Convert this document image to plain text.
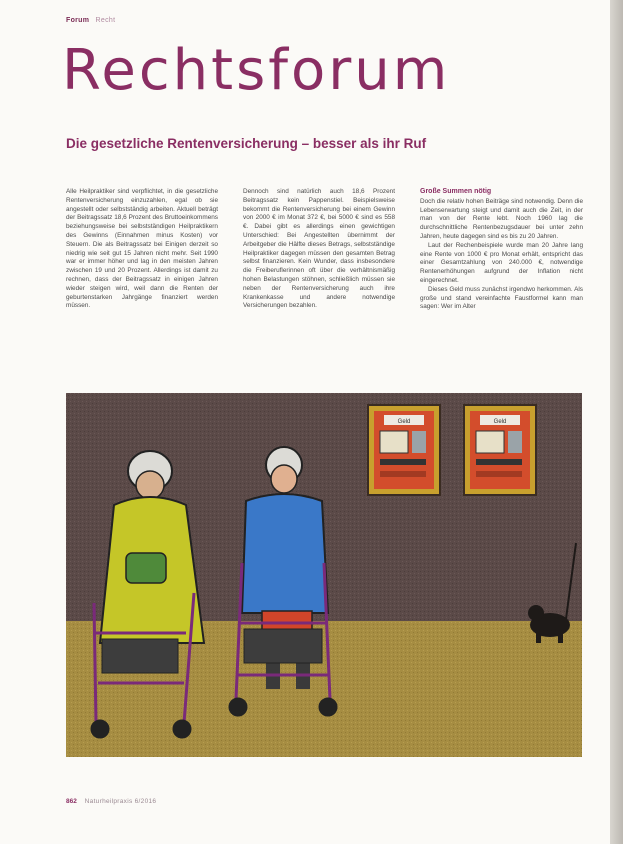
Forum Recht
Rechtsforum
Die gesetzliche Rentenversicherung – besser als ihr Ruf

Alle Heilpraktiker sind verpflichtet, in die gesetzliche Rentenversicherung einzuzahlen, egal ob sie angestellt oder selbstständig arbeiten. Aktuell beträgt der Beitragssatz 18,6 Prozent des Bruttoeinkommens beziehungsweise bei selbstständigen Heilpraktikern des Gewinns (Einnahmen minus Kosten) vor Steuern. Die als Beitragssatz bei Einigen derzeit so niedrig wie seit gut 15 Jahren nicht mehr. Seit 1990 war er immer höher und lag in den meisten Jahren zwischen 19 und 20 Prozent. Allerdings ist damit zu rechnen, dass der Beitragssatz in einigen Jahren wieder steigen wird, weil dann die Renten der geburtenstarken Jahrgänge finanziert werden müssen.

Dennoch sind natürlich auch 18,6 Prozent Beitragssatz kein Pappenstiel. Beispielsweise bekommt die Rentenversicherung bei einem Gewinn von 2000 € im Monat 372 €, bei 5000 € sind es 558 €. Dabei gibt es allerdings einen gewichtigen Unterschied: Bei Angestellten übernimmt der Arbeitgeber die Hälfte dieses Betrags, selbstständige Heilpraktiker dagegen müssen den gesamten Betrag selbst finanzieren. Kein Wunder, dass insbesondere die Freiberuflerinnen oft über die verhältnismäßig hohen Belastungen stöhnen, schließlich müssen sie neben der Rentenversicherung auch ihre Krankenkasse und andere notwendige Versicherungen bezahlen.

Große Summen nötig

Doch die relativ hohen Beiträge sind notwendig. Denn die Lebenserwartung steigt und damit auch die Zeit, in der man von der Rente lebt. Noch 1960 lag die durchschnittliche Rentenbezugsdauer bei unter zehn Jahren, heute dagegen sind es bis zu 20 Jahren.

Laut der Rechenbeispiele wurde man 20 Jahre lang eine Rente von 1000 € pro Monat erhält, entspricht das einer Gesamtzahlung von 240.000 €, notwendige Rentenerhöhungen aufgrund der Inflation nicht eingerechnet.

Dieses Geld muss zunächst irgendwo herkommen. Als große und stand vereinfachte Faustformel kann man sagen: Wer im Alter

Geld	Geld
862 Naturheilpraxis 6/2016
